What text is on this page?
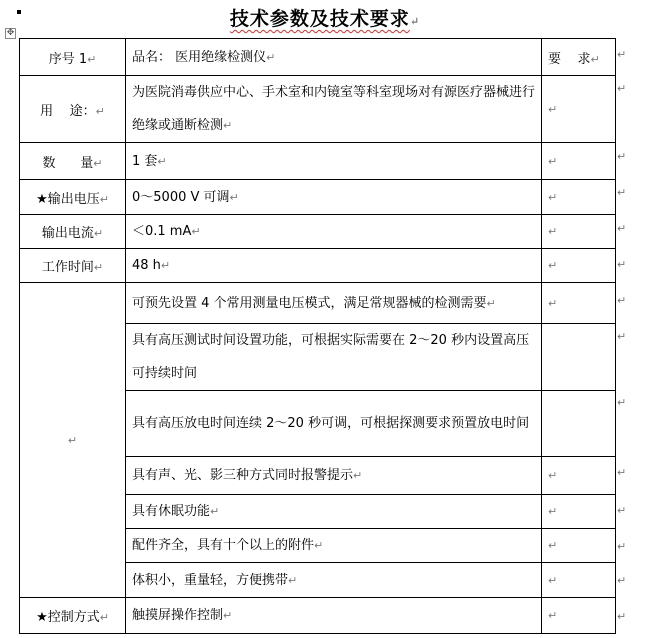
✥
技术参数及技术要求↵
序号 1↵	品名： 医用绝缘检测仪↵	要    求↵
用    途：↵	为医院消毒供应中心、手术室和内镜室等科室现场对有源医疗器械进行绝缘或通断检测↵	↵
数      量↵	1 套↵	↵
★输出电压↵	0～5000 V 可调↵	↵
输出电流↵	＜0.1 mA↵	↵
工作时间↵	48 h↵	↵
↵	可预先设置 4 个常用测量电压模式，满足常规器械的检测需要↵	↵
	具有高压测试时间设置功能，可根据实际需要在 2～20 秒内设置高压可持续时间	
	具有高压放电时间连续 2～20 秒可调，可根据探测要求预置放电时间	
	具有声、光、影三种方式同时报警提示↵	↵
	具有休眠功能↵	↵
	配件齐全，具有十个以上的附件↵	↵
	体积小，重量轻，方便携带↵	↵
★控制方式↵	触摸屏操作控制↵	↵
↵
↵
↵
↵
↵
↵
↵
↵
↵
↵
↵
↵
↵
↵
